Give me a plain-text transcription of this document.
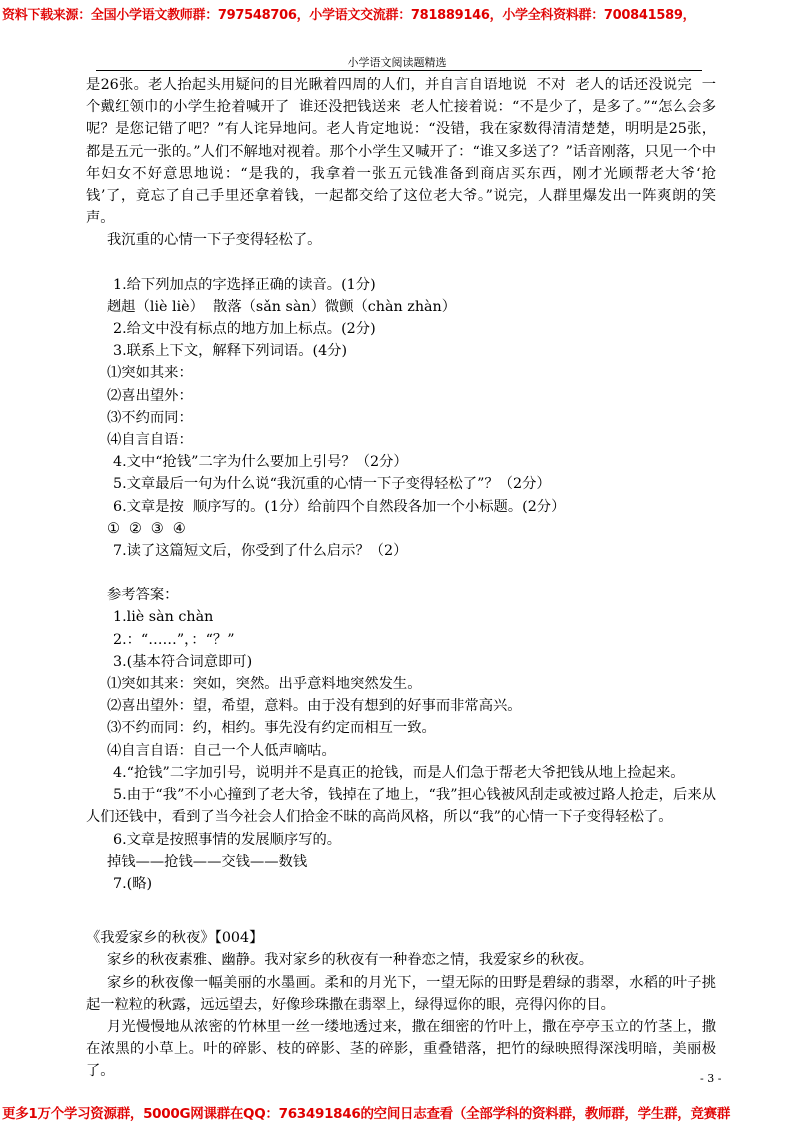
资料下载来源：全国小学语文教师群：797548706，小学语文交流群：781889146，小学全科资料群：700841589，
小学语文阅读题精选

是26张。老人抬起头用疑问的目光瞅着四周的人们，并自言自语地说  不对  老人的话还没说完  一个戴红领巾的小学生抢着喊开了  谁还没把钱送来  老人忙接着说：“不是少了，是多了。”“怎么会多呢？是您记错了吧？”有人诧异地问。老人肯定地说：“没错，我在家数得清清楚楚，明明是25张，都是五元一张的。”人们不解地对视着。那个小学生又喊开了：“谁又多送了？”话音刚落，只见一个中年妇女不好意思地说：“是我的，我拿着一张五元钱准备到商店买东西，刚才光顾帮老大爷‘抢钱’了，竟忘了自己手里还拿着钱，一起都交给了这位老大爷。”说完，人群里爆发出一阵爽朗的笑声。

我沉重的心情一下子变得轻松了。

1.给下列加点的字选择正确的读音。(1分)

趔趄（liè liè）  散落（sǎn sàn）微颤（chàn zhàn）

2.给文中没有标点的地方加上标点。(2分)

3.联系上下文，解释下列词语。(4分)

⑴突如其来：

⑵喜出望外：

⑶不约而同：

⑷自言自语：

4.文中“抢钱”二字为什么要加上引号？（2分）

5.文章最后一句为什么说“我沉重的心情一下子变得轻松了”？（2分）

6.文章是按  顺序写的。(1分）给前四个自然段各加一个小标题。(2分）

①  ②  ③  ④

7.读了这篇短文后，你受到了什么启示？（2）

参考答案：

1.liè sàn chàn

2.：“……”，：“？”

3.(基本符合词意即可)

⑴突如其来：突如，突然。出乎意料地突然发生。

⑵喜出望外：望，希望，意料。由于没有想到的好事而非常高兴。

⑶不约而同：约，相约。事先没有约定而相互一致。

⑷自言自语：自己一个人低声嘀咕。

4.“抢钱”二字加引号，说明并不是真正的抢钱，而是人们急于帮老大爷把钱从地上捡起来。

5.由于“我”不小心撞到了老大爷，钱掉在了地上，“我”担心钱被风刮走或被过路人抢走，后来从人们还钱中，看到了当今社会人们拾金不昧的高尚风格，所以“我”的心情一下子变得轻松了。

6.文章是按照事情的发展顺序写的。

掉钱——抢钱——交钱——数钱

7.(略)

《我爱家乡的秋夜》【004】

家乡的秋夜素雅、幽静。我对家乡的秋夜有一种眷恋之情，我爱家乡的秋夜。

家乡的秋夜像一幅美丽的水墨画。柔和的月光下，一望无际的田野是碧绿的翡翠，水稻的叶子挑起一粒粒的秋露，远远望去，好像珍珠撒在翡翠上，绿得逗你的眼，亮得闪你的目。

月光慢慢地从浓密的竹林里一丝一缕地透过来，撒在细密的竹叶上，撒在亭亭玉立的竹茎上，撒在浓黑的小草上。叶的碎影、枝的碎影、茎的碎影，重叠错落，把竹的绿映照得深浅明暗，美丽极了。	- 3 -
更多1万个学习资源群，5000G网课群在QQ：763491846的空间日志查看（全部学科的资料群，教师群，学生群，竞赛群
